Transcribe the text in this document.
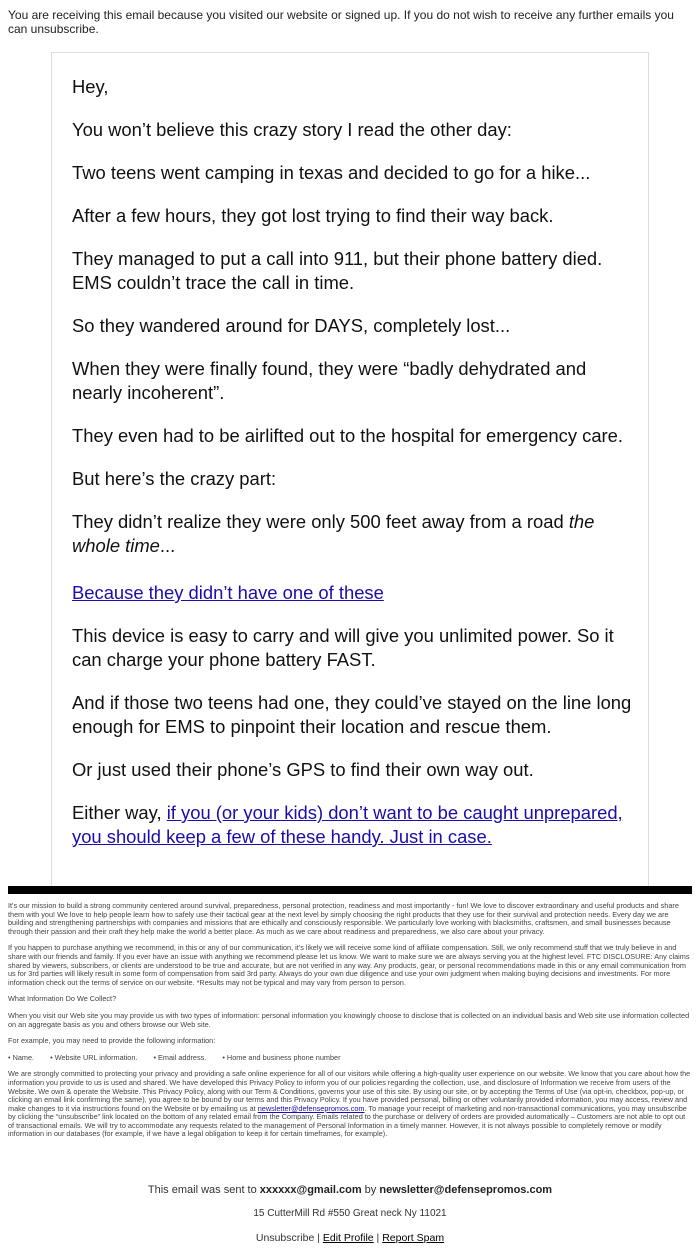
You are receiving this email because you visited our website or signed up. If you do not wish to receive any further emails you can unsubscribe.

Hey,

You won’t believe this crazy story I read the other day:

Two teens went camping in texas and decided to go for a hike...

After a few hours, they got lost trying to find their way back.

They managed to put a call into 911, but their phone battery died. EMS couldn’t trace the call in time.

So they wandered around for DAYS, completely lost...

When they were finally found, they were “badly dehydrated and nearly incoherent”.

They even had to be airlifted out to the hospital for emergency care.

But here’s the crazy part:

They didn’t realize they were only 500 feet away from a road the whole time...

Because they didn’t have one of these

This device is easy to carry and will give you unlimited power. So it can charge your phone battery FAST.

And if those two teens had one, they could’ve stayed on the line long enough for EMS to pinpoint their location and rescue them.

Or just used their phone’s GPS to find their own way out.

Either way, if you (or your kids) don’t want to be caught unprepared, you should keep a few of these handy. Just in case.

It's our mission to build a strong community centered around survival, preparedness, personal protection, readiness and most importantly - fun! We love to discover extraordinary and useful products and share them with you! We love to help people learn how to safely use their tactical gear at the next level by simply choosing the right products that they use for their survival and protection needs. Every day we are building and strengthening partnerships with companies and missions that are ethically and consciously responsible. We particularly love working with blacksmiths, craftsmen, and small businesses because through their passion and their craft they help make the world a better place. As much as we care about readiness and preparedness, we also care about your privacy.

If you happen to purchase anything we recommend, in this or any of our communication, it's likely we will receive some kind of affiliate compensation. Still, we only recommend stuff that we truly believe in and share with our friends and family. If you ever have an issue with anything we recommend please let us know. We want to make sure we are always serving you at the highest level. FTC DISCLOSURE: Any claims shared by viewers, subscribers, or clients are understood to be true and accurate, but are not verified in any way. Any products, gear, or personal recommendations made in this or any email communication from us for 3rd parties will likely result in some form of compensation from said 3rd party. Always do your own due diligence and use your own judgment when making buying decisions and investments. For more information check out the terms of service on our website. *Results may not be typical and may vary from person to person.

What Information Do We Collect?

When you visit our Web site you may provide us with two types of information: personal information you knowingly choose to disclose that is collected on an individual basis and Web site use information collected on an aggregate basis as you and others browse our Web site.

For example, you may need to provide the following information:

• Name. • Website URL information. • Email address. • Home and business phone number

We are strongly committed to protecting your privacy and providing a safe online experience for all of our visitors while offering a high-quality user experience on our website. We know that you care about how the information you provide to us is used and shared. We have developed this Privacy Policy to inform you of our policies regarding the collection, use, and disclosure of Information we receive from users of the Website. We own & operate the Website. This Privacy Policy, along with our Term & Conditions, governs your use of this site. By using our site, or by accepting the Terms of Use (via opt-in, checkbox, pop-up, or clicking an email link confirming the same), you agree to be bound by our terms and this Privacy Policy. If you have provided personal, billing or other voluntarily provided information, you may access, review and make changes to it via instructions found on the Website or by emailing us at newsletter@defensepromos.com. To manage your receipt of marketing and non-transactional communications, you may unsubscribe by clicking the “unsubscribe” link located on the bottom of any related email from the Company. Emails related to the purchase or delivery of orders are provided automatically – Customers are not able to opt out of transactional emails. We will try to accommodate any requests related to the management of Personal Information in a timely manner. However, it is not always possible to completely remove or modify information in our databases (for example, if we have a legal obligation to keep it for certain timeframes, for example).

This email was sent to xxxxxx@gmail.com by newsletter@defensepromos.com
15 CutterMill Rd #550 Great neck Ny 11021
Unsubscribe | Edit Profile | Report Spam
